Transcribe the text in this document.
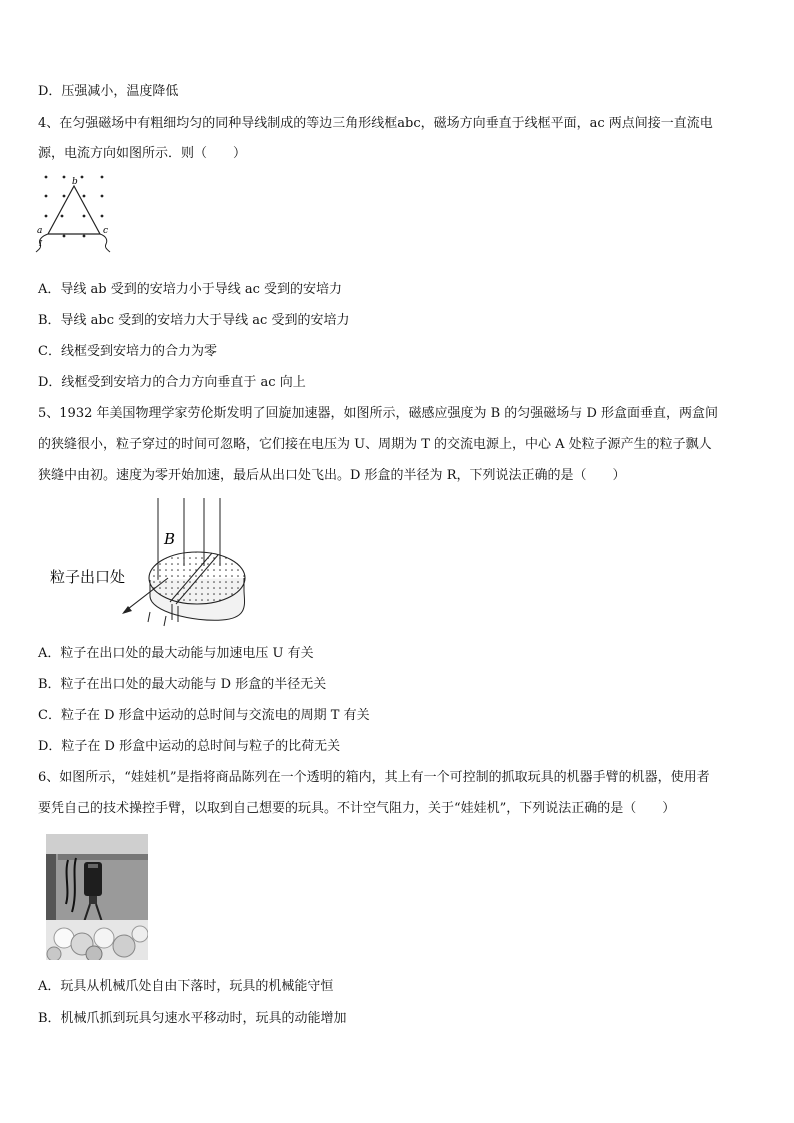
D．压强减小，温度降低
4、在匀强磁场中有粗细均匀的同种导线制成的等边三角形线框abc，磁场方向垂直于线框平面，ac 两点间接一直流电
源，电流方向如图所示．则（　　）
b
a	c
I
A．导线 ab 受到的安培力小于导线 ac 受到的安培力
B．导线 abc 受到的安培力大于导线 ac 受到的安培力
C．线框受到安培力的合力为零
D．线框受到安培力的合力方向垂直于 ac 向上
5、1932 年美国物理学家劳伦斯发明了回旋加速器，如图所示，磁感应强度为 B 的匀强磁场与 D 形盒面垂直，两盒间
的狭缝很小，粒子穿过的时间可忽略，它们接在电压为 U、周期为 T 的交流电源上，中心 A 处粒子源产生的粒子飘人
狭缝中由初。速度为零开始加速，最后从出口处飞出。D 形盒的半径为 R，下列说法正确的是（　　）
B
粒子出口处
A．粒子在出口处的最大动能与加速电压 U 有关
B．粒子在出口处的最大动能与 D 形盒的半径无关
C．粒子在 D 形盒中运动的总时间与交流电的周期 T 有关
D．粒子在 D 形盒中运动的总时间与粒子的比荷无关
6、如图所示，“娃娃机”是指将商品陈列在一个透明的箱内，其上有一个可控制的抓取玩具的机器手臂的机器，使用者
要凭自己的技术操控手臂，以取到自己想要的玩具。不计空气阻力，关于“娃娃机”，下列说法正确的是（　　）
A．玩具从机械爪处自由下落时，玩具的机械能守恒
B．机械爪抓到玩具匀速水平移动时，玩具的动能增加
